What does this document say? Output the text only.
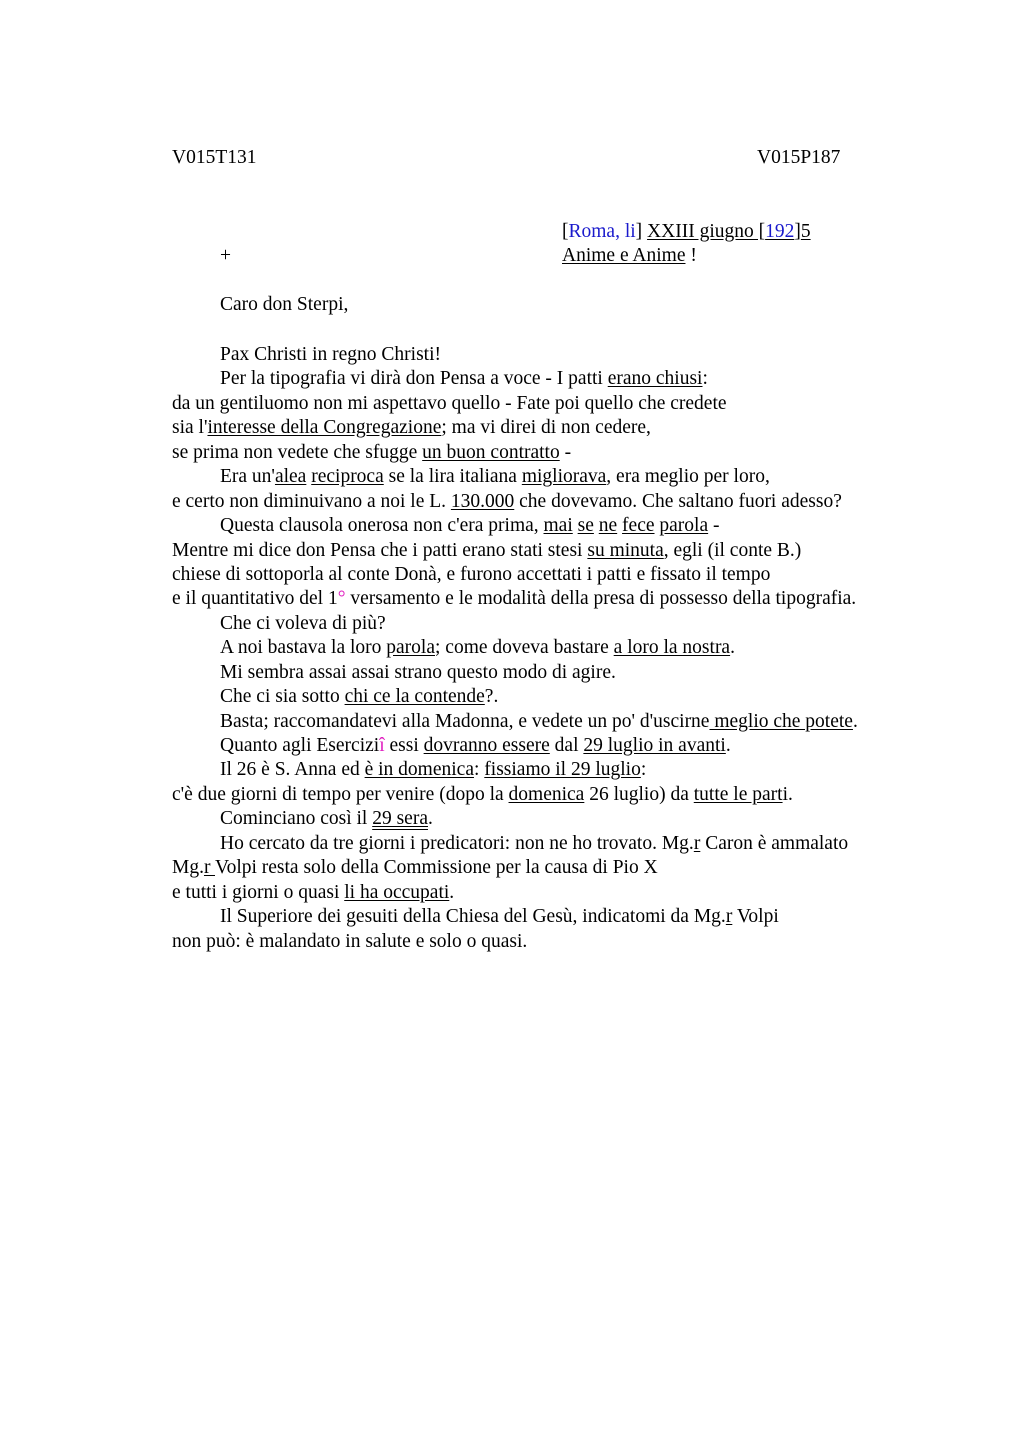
V015T131	V015P187
[Roma, li] XXIII giugno [192]5
Anime e Anime !
+
Caro don Sterpi,
Pax Christi in regno Christi!
Per la tipografia vi dirà don Pensa a voce - I patti erano chiusi:
da un gentiluomo non mi aspettavo quello - Fate poi quello che credete
sia l'interesse della Congregazione; ma vi direi di non cedere,
se prima non vedete che sfugge un buon contratto -
Era un'alea reciproca se la lira italiana migliorava, era meglio per loro,
e certo non diminuivano a noi le L. 130.000 che dovevamo. Che saltano fuori adesso?
Questa clausola onerosa non c'era prima, mai se ne fece parola -
Mentre mi dice don Pensa che i patti erano stati stesi su minuta, egli (il conte B.)
chiese di sottoporla al conte Donà, e furono accettati i patti e fissato il tempo
e il quantitativo del 1° versamento e le modalità della presa di possesso della tipografia.
Che ci voleva di più?
A noi bastava la loro parola; come doveva bastare a loro la nostra.
Mi sembra assai assai strano questo modo di agire.
Che ci sia sotto chi ce la contende?.
Basta; raccomandatevi alla Madonna, e vedete un po' d'uscirne meglio che potete.
Quanto agli Eserciziî essi dovranno essere dal 29 luglio in avanti.
Il 26 è S. Anna ed è in domenica: fissiamo il 29 luglio:
c'è due giorni di tempo per venire (dopo la domenica 26 luglio) da tutte le parti.
Cominciano così il 29 sera.
Ho cercato da tre giorni i predicatori: non ne ho trovato. Mg.r Caron è ammalato
Mg.r Volpi resta solo della Commissione per la causa di Pio X
e tutti i giorni o quasi li ha occupati.
Il Superiore dei gesuiti della Chiesa del Gesù, indicatomi da Mg.r Volpi
non può: è malandato in salute e solo o quasi.
